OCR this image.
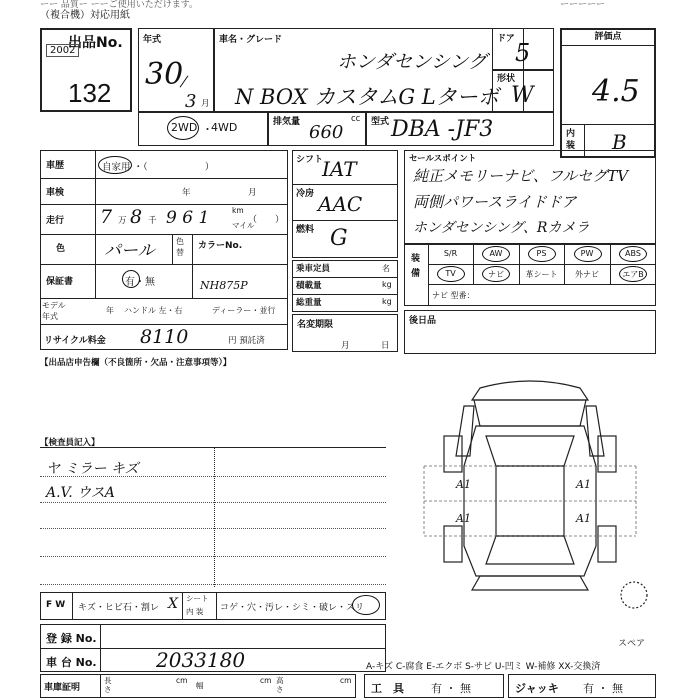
ーー 品質ー ーーご使用いただけます。	ーーーーー
（複合機）対応用紙
出品No.
2002
132
年式
30
3 月
車名・グレード
ホンダセンシング
N BOX カスタムG Lターボ
ドア 5
形状
W
評価点
4.5
内装 B
2WD ・
4WD	排気量	cc
660	型式 DBA -JF3
車歴	自家用 ・（　　　　　　）
車検	年	月
走行 7 万 8 千 9 6 1	km
マイル
（　　）
色 パール	色替
カラーNo.
NH875P
保証書	有・無
モデル
年式
年 ハンドル 左・右	ディーラー・並行
リサイクル料金 8110	円 預託済
シフト
IAT
冷房 AAC
燃料 G
乗車定員	名
積載量	kg
総重量	kg
名変期限
月	日
セールスポイント
純正メモリーナビ、フルセグTV
両側パワースライドドア
ホンダセンシング、Rカメラ
装備
S/R	AW	PS	PW	ABS
TV	ナビ	革シート	外ナビ	エアB
ナビ 型番：
後日品
【出品店申告欄（不良箇所・欠品・注意事項等）】
【検査員記入】
ヤ ミラー キズ
A.V. ウスA
A1	A1
A1	A1
スペア
F W キズ・ヒビ石・割レ X シート
内 装 コゲ・穴・汚レ・シミ・破レ・スリ
登 録 No.
車 台 No.	2033180	A-キズ C-腐食 E-エクボ S-サビ U-凹ミ W-補修 XX-交換済
車庫証明
長さ
cm
幅
cm 高さ
cm
工　具 有 ・ 無	ジャッキ 有 ・ 無
